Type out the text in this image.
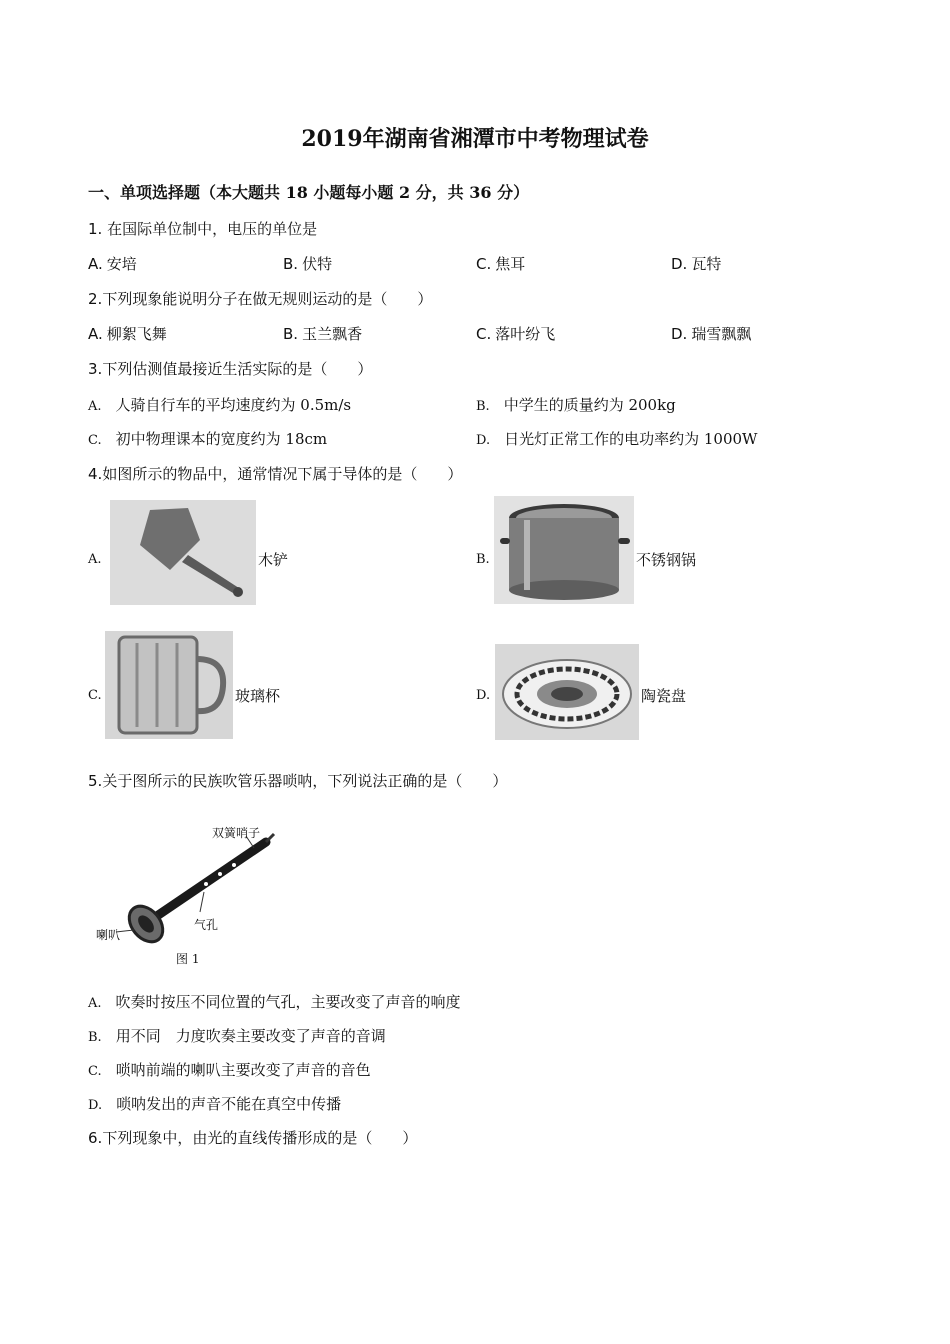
2019年湖南省湘潭市中考物理试卷
一、单项选择题（本大题共 18 小题每小题 2 分，共 36 分）
1. 在国际单位制中，电压的单位是
A. 安培	B. 伏特	C. 焦耳	D. 瓦特
2.下列现象能说明分子在做无规则运动的是（　　）
A. 柳絮飞舞	B. 玉兰飘香	C. 落叶纷飞	D. 瑞雪飘飘
3.下列估测值最接近生活实际的是（　　）
A. 人骑自行车的平均速度约为 0.5m/s	B. 中学生的质量约为 200kg
C. 初中物理课本的宽度约为 18cm	D. 日光灯正常工作的电功率约为 1000W
4.如图所示的物品中，通常情况下属于导体的是（　　）
A.	木铲	B.	不锈钢锅
C.	玻璃杯	D.	陶瓷盘
5.关于图所示的民族吹管乐器唢呐，下列说法正确的是（　　）
双簧哨子
气孔
喇叭
图 1
A. 吹奏时按压不同位置的气孔，主要改变了声音的响度
B. 用不同　力度吹奏主要改变了声音的音调
C. 唢呐前端的喇叭主要改变了声音的音色
D. 唢呐发出的声音不能在真空中传播
6.下列现象中，由光的直线传播形成的是（　　）
